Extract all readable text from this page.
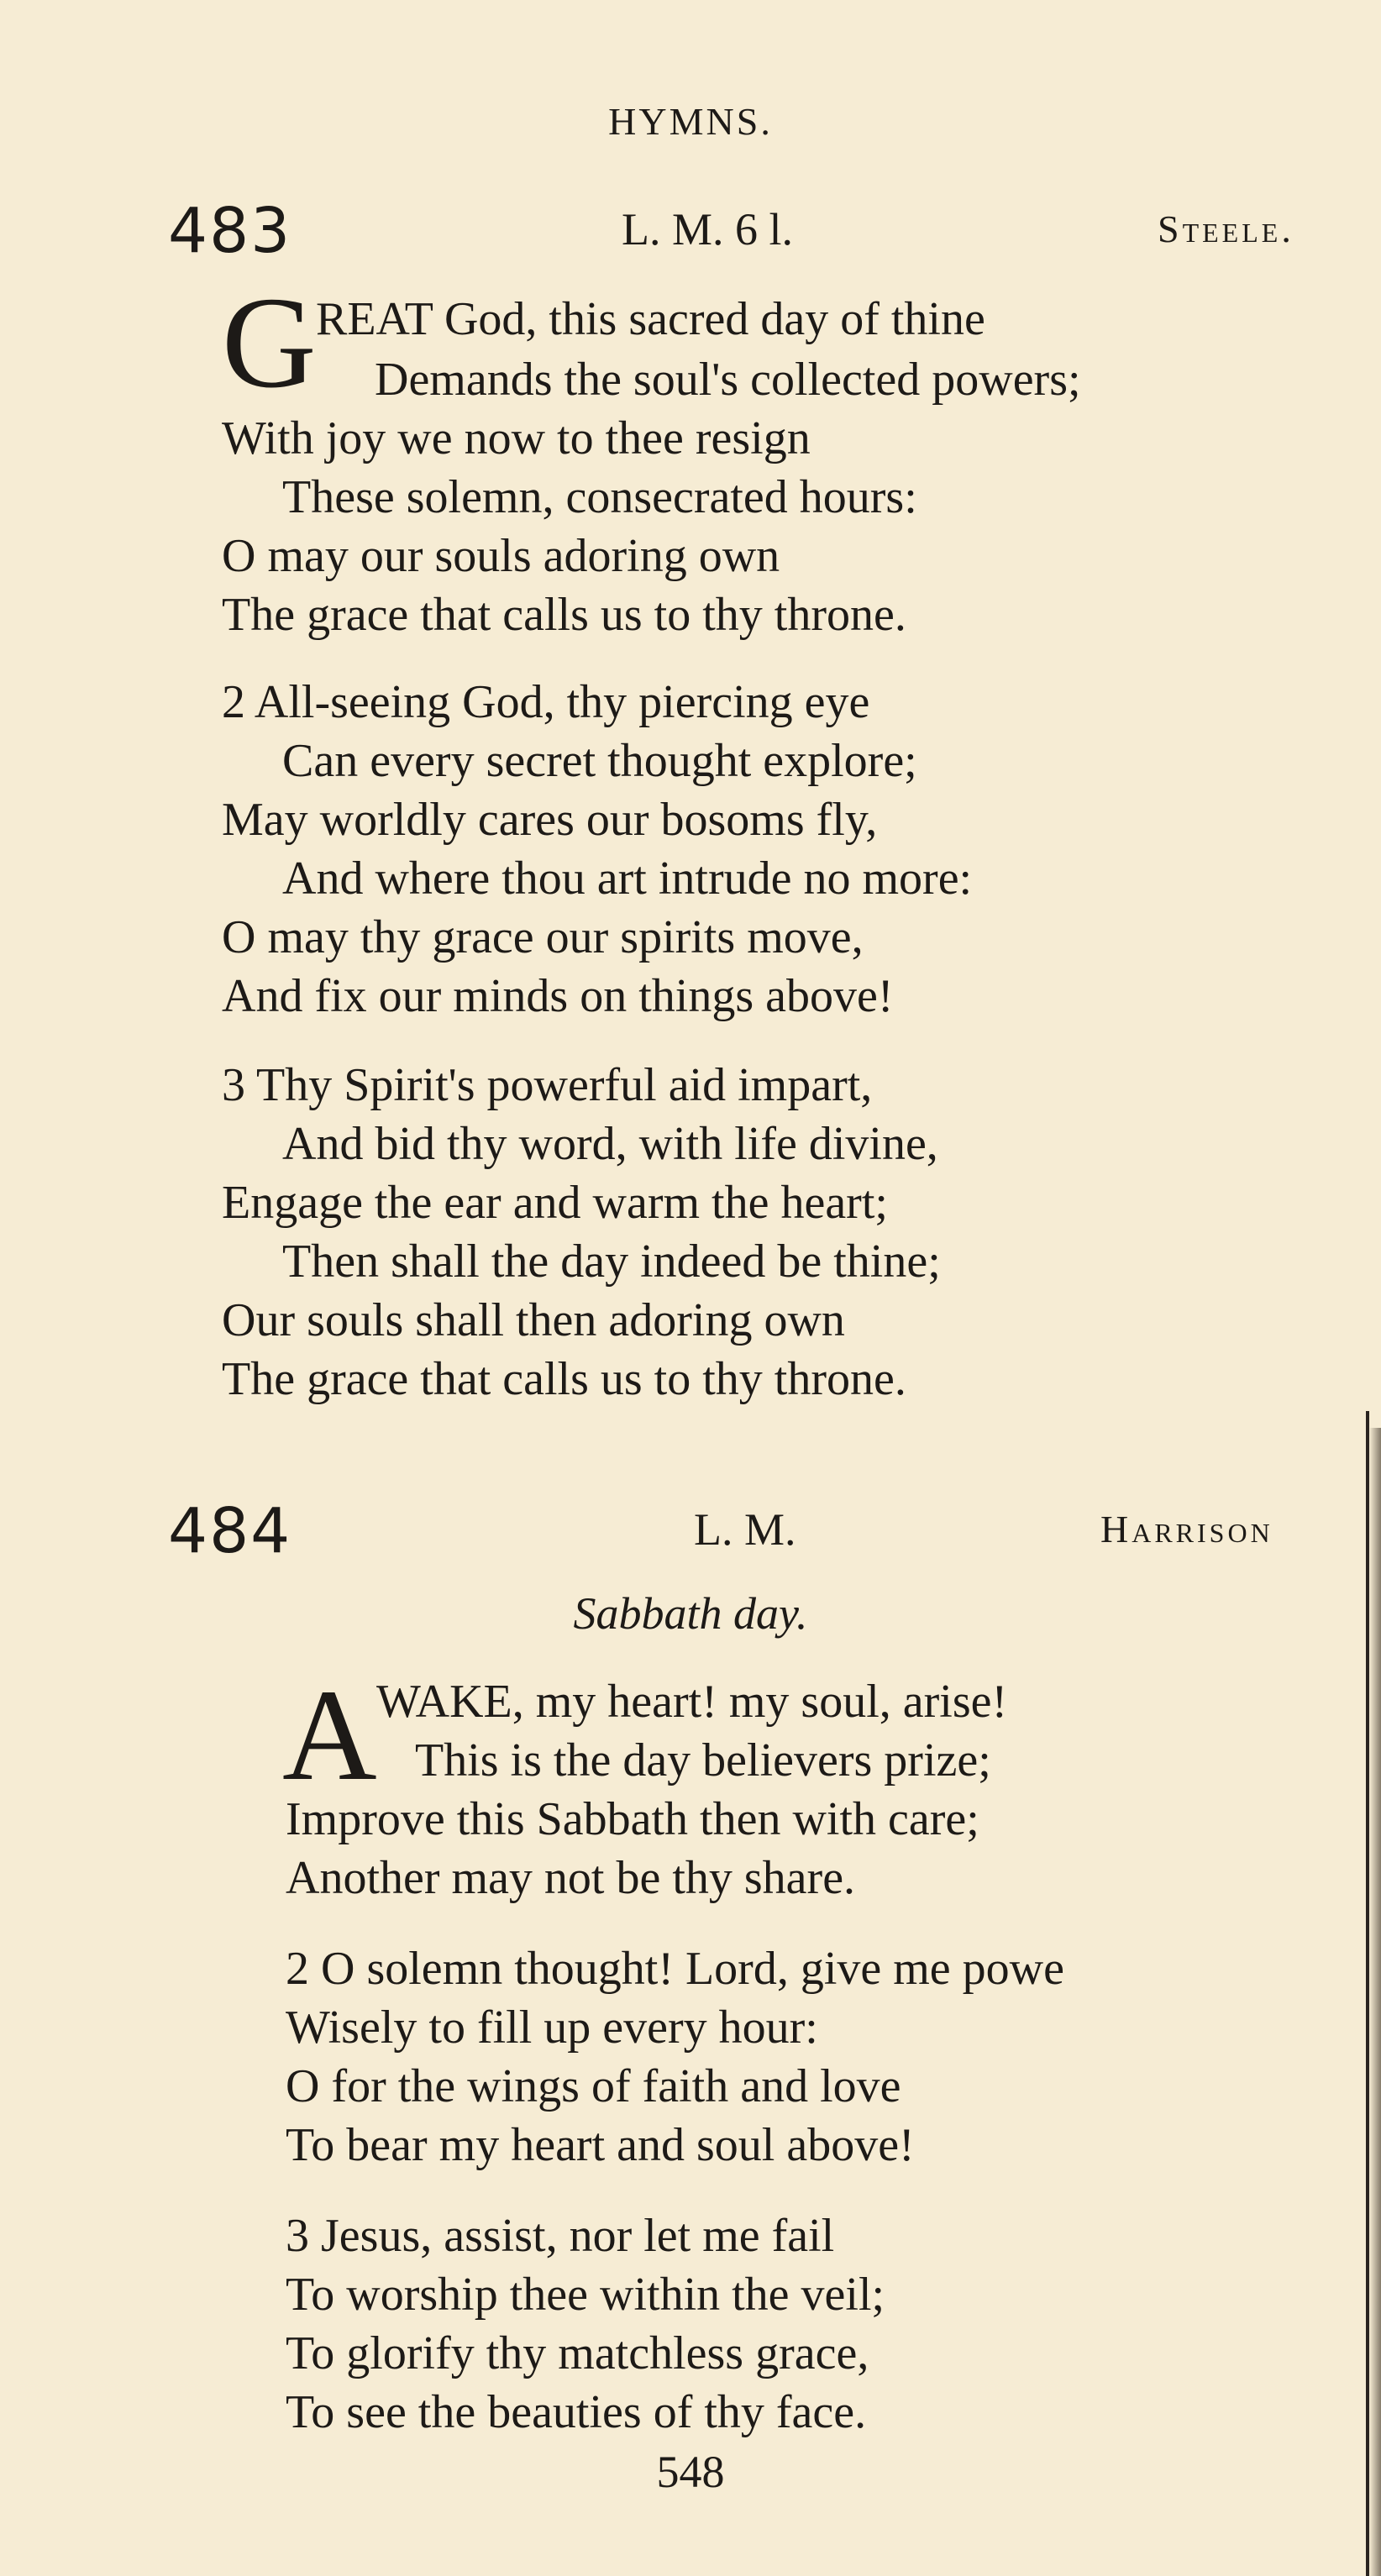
HYMNS.
483	L. M. 6 l.	Steele.
G REAT God, this sacred day of thine
Demands the soul's collected powers;
With joy we now to thee resign
These solemn, consecrated hours:
O may our souls adoring own
The grace that calls us to thy throne.
2 All-seeing God, thy piercing eye
Can every secret thought explore;
May worldly cares our bosoms fly,
And where thou art intrude no more:
O may thy grace our spirits move,
And fix our minds on things above!
3 Thy Spirit's powerful aid impart,
And bid thy word, with life divine,
Engage the ear and warm the heart;
Then shall the day indeed be thine;
Our souls shall then adoring own
The grace that calls us to thy throne.
484	L. M.	Harrison
Sabbath day.
A WAKE, my heart! my soul, arise!
This is the day believers prize;
Improve this Sabbath then with care;
Another may not be thy share.
2 O solemn thought! Lord, give me powe
Wisely to fill up every hour:
O for the wings of faith and love
To bear my heart and soul above!
3 Jesus, assist, nor let me fail
To worship thee within the veil;
To glorify thy matchless grace,
To see the beauties of thy face.
548
